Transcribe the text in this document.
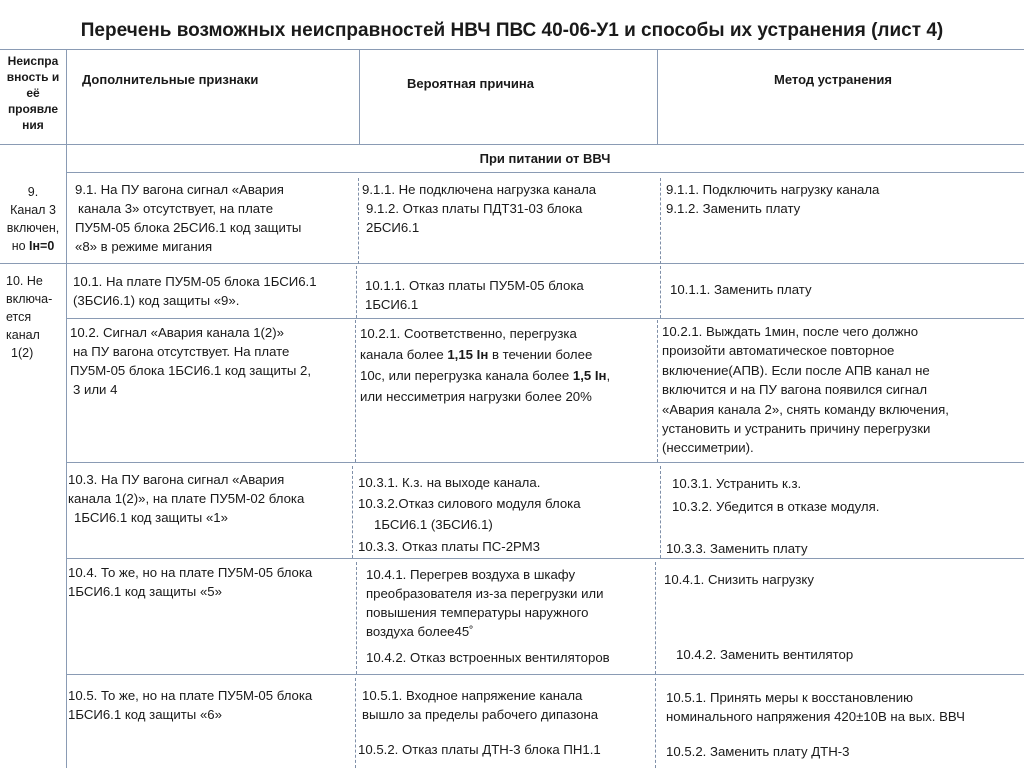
Перечень возможных неисправностей НВЧ ПВС 40-06-У1 и способы их устранения (лист 4)
Неиспра
вность и
её
проявле
ния
Дополнительные признаки	Вероятная причина	Метод устранения
При питании от ВВЧ
9.
Канал 3
включен,
но Iн=0
10. Не
включа-
ется
канал
1(2)
9.1. На ПУ вагона сигнал «Авария
канала 3» отсутствует, на плате
ПУ5М-05 блока 2БСИ6.1 код защиты
«8» в режиме мигания
9.1.1. Не подключена нагрузка канала
9.1.2. Отказ платы ПДТ31-03 блока
2БСИ6.1
9.1.1. Подключить нагрузку канала
9.1.2. Заменить плату
10.1. На плате ПУ5М-05 блока 1БСИ6.1
(3БСИ6.1) код защиты «9».
10.1.1. Отказ платы ПУ5М-05 блока
1БСИ6.1
10.1.1. Заменить плату
10.2. Сигнал «Авария канала 1(2)»
на ПУ вагона отсутствует. На плате
ПУ5М-05 блока 1БСИ6.1 код защиты 2,
3 или 4
10.2.1. Соответственно, перегрузка
канала более 1,15 Iн в течении более
10с, или перегрузка канала более 1,5 Iн,
или нессиметрия нагрузки более 20%
10.2.1. Выждать 1мин, после чего должно
произойти автоматическое повторное
включение(АПВ). Если после АПВ канал не
включится и на ПУ вагона появился сигнал
«Авария канала 2», снять команду включения,
установить и устранить причину перегрузки
(нессиметрии).
10.3. На ПУ вагона сигнал «Авария
канала 1(2)», на плате ПУ5М-02 блока
1БСИ6.1 код защиты «1»
10.3.1. К.з. на выходе канала.
10.3.2.Отказ силового модуля блока
1БСИ6.1 (3БСИ6.1)
10.3.3. Отказ платы ПС-2РМ3
10.3.1. Устранить к.з.
10.3.2. Убедится в отказе модуля.
10.3.3. Заменить плату
10.4. То же, но на плате ПУ5М-05 блока
1БСИ6.1 код защиты «5»
10.4.1. Перегрев воздуха в шкафу
преобразователя из-за перегрузки или
повышения температуры наружного
воздуха более45˚
10.4.2. Отказ встроенных вентиляторов
10.4.1. Снизить нагрузку
10.4.2. Заменить вентилятор
10.5. То же, но на плате ПУ5М-05 блока
1БСИ6.1 код защиты «6»
10.5.1. Входное напряжение канала
вышло за пределы рабочего дипазона
10.5.2. Отказ платы ДТН-3 блока ПН1.1
10.5.1. Принять меры к восстановлению
номинального напряжения 420±10В на вых. ВВЧ
10.5.2. Заменить плату ДТН-3
